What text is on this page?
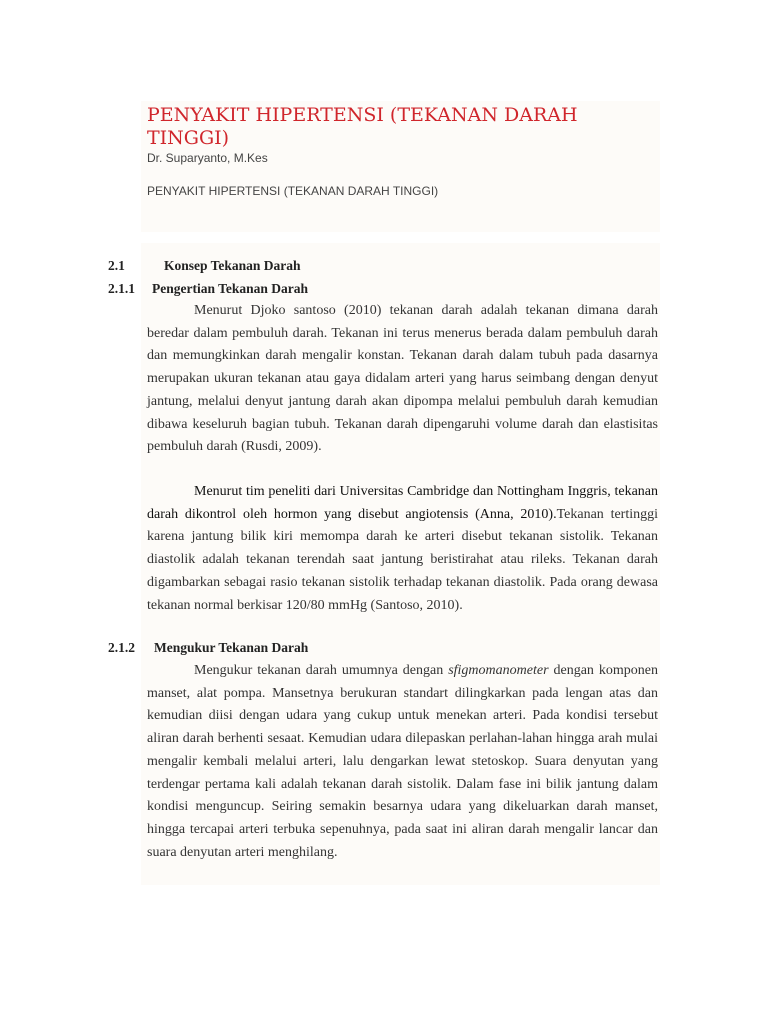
PENYAKIT HIPERTENSI (TEKANAN DARAH TINGGI)
Dr. Suparyanto, M.Kes
PENYAKIT HIPERTENSI (TEKANAN DARAH TINGGI)
2.1	Konsep Tekanan Darah
2.1.1 Pengertian Tekanan Darah

Menurut Djoko santoso (2010) tekanan darah adalah tekanan dimana darah beredar dalam pembuluh darah. Tekanan ini terus menerus berada dalam pembuluh darah dan memungkinkan darah mengalir konstan. Tekanan darah dalam tubuh pada dasarnya merupakan ukuran tekanan atau gaya didalam arteri yang harus seimbang dengan denyut jantung, melalui denyut jantung darah akan dipompa melalui pembuluh darah kemudian dibawa keseluruh bagian tubuh. Tekanan darah dipengaruhi volume darah dan elastisitas pembuluh darah (Rusdi, 2009).

Menurut tim peneliti dari Universitas Cambridge dan Nottingham Inggris, tekanan darah dikontrol oleh hormon yang disebut angiotensis (Anna, 2010).Tekanan tertinggi karena jantung bilik kiri memompa darah ke arteri disebut tekanan sistolik. Tekanan diastolik adalah tekanan terendah saat jantung beristirahat atau rileks. Tekanan darah digambarkan sebagai rasio tekanan sistolik terhadap tekanan diastolik. Pada orang dewasa tekanan normal berkisar 120/80 mmHg (Santoso, 2010).

2.1.2 Mengukur Tekanan Darah

Mengukur tekanan darah umumnya dengan sfigmomanometer dengan komponen manset, alat pompa. Mansetnya berukuran standart dilingkarkan pada lengan atas dan kemudian diisi dengan udara yang cukup untuk menekan arteri. Pada kondisi tersebut aliran darah berhenti sesaat. Kemudian udara dilepaskan perlahan-lahan hingga arah mulai mengalir kembali melalui arteri, lalu dengarkan lewat stetoskop. Suara denyutan yang terdengar pertama kali adalah tekanan darah sistolik. Dalam fase ini bilik jantung dalam kondisi menguncup. Seiring semakin besarnya udara yang dikeluarkan darah manset, hingga tercapai arteri terbuka sepenuhnya, pada saat ini aliran darah mengalir lancar dan suara denyutan arteri menghilang.
